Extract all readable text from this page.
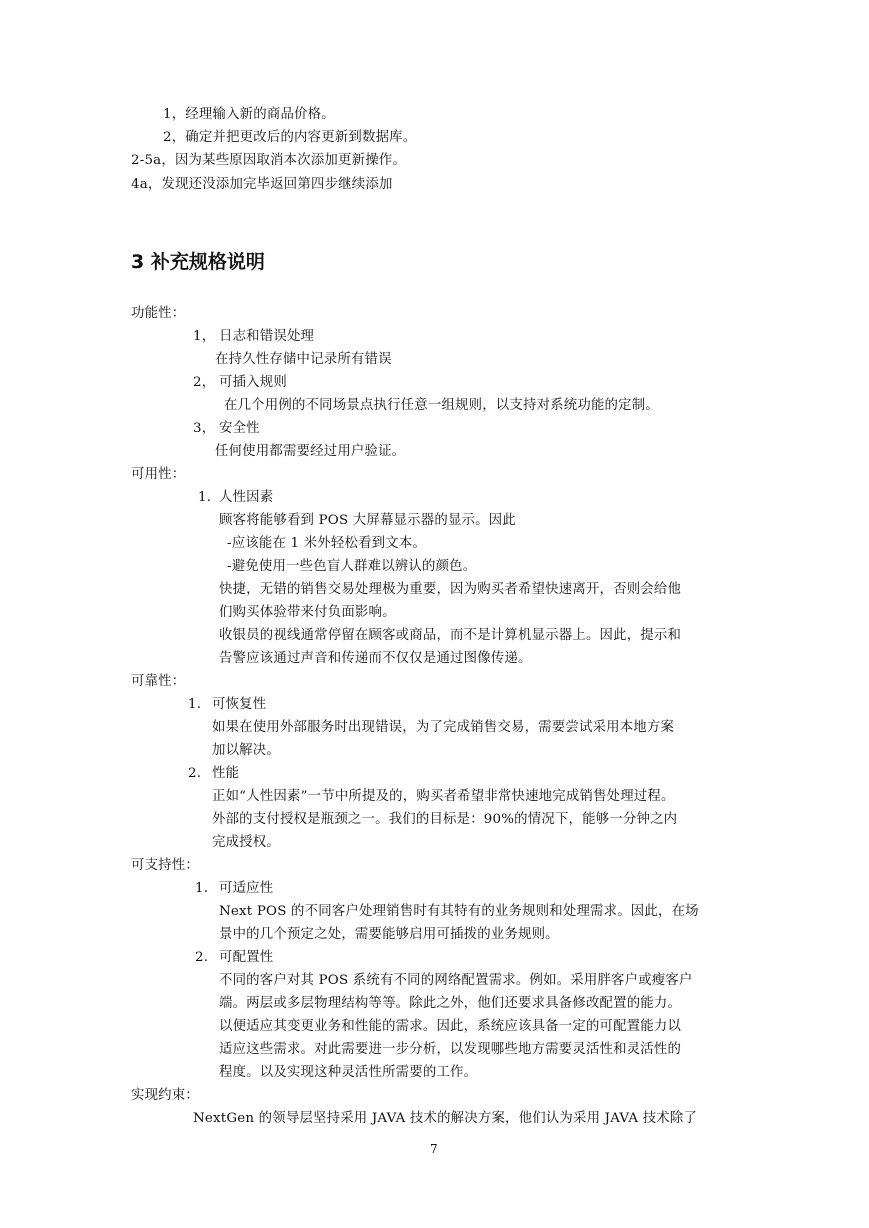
1，经理输入新的商品价格。
2，确定并把更改后的内容更新到数据库。
2-5a，因为某些原因取消本次添加更新操作。
4a，发现还没添加完毕返回第四步继续添加
3 补充规格说明
功能性：
1， 日志和错误处理
在持久性存储中记录所有错误
2， 可插入规则
在几个用例的不同场景点执行任意一组规则，以支持对系统功能的定制。
3， 安全性
任何使用都需要经过用户验证。
可用性：
1. 人性因素
顾客将能够看到 POS 大屏幕显示器的显示。因此
-应该能在 1 米外轻松看到文本。
-避免使用一些色盲人群难以辨认的颜色。
快捷，无错的销售交易处理极为重要，因为购买者希望快速离开，否则会给他
们购买体验带来付负面影响。
收银员的视线通常停留在顾客或商品，而不是计算机显示器上。因此，提示和
告警应该通过声音和传递而不仅仅是通过图像传递。
可靠性：
1. 可恢复性
如果在使用外部服务时出现错误，为了完成销售交易，需要尝试采用本地方案
加以解决。
2. 性能
正如“人性因素”一节中所提及的，购买者希望非常快速地完成销售处理过程。
外部的支付授权是瓶颈之一。我们的目标是：90%的情况下，能够一分钟之内
完成授权。
可支持性：
1. 可适应性
Next POS 的不同客户处理销售时有其特有的业务规则和处理需求。因此，在场
景中的几个预定之处，需要能够启用可插拨的业务规则。
2. 可配置性
不同的客户对其 POS 系统有不同的网络配置需求。例如。采用胖客户或瘦客户
端。两层或多层物理结构等等。除此之外，他们还要求具备修改配置的能力。
以便适应其变更业务和性能的需求。因此，系统应该具备一定的可配置能力以
适应这些需求。对此需要进一步分析，以发现哪些地方需要灵活性和灵活性的
程度。以及实现这种灵活性所需要的工作。
实现约束：
NextGen 的领导层坚持采用 JAVA 技术的解决方案，他们认为采用 JAVA 技术除了
7
